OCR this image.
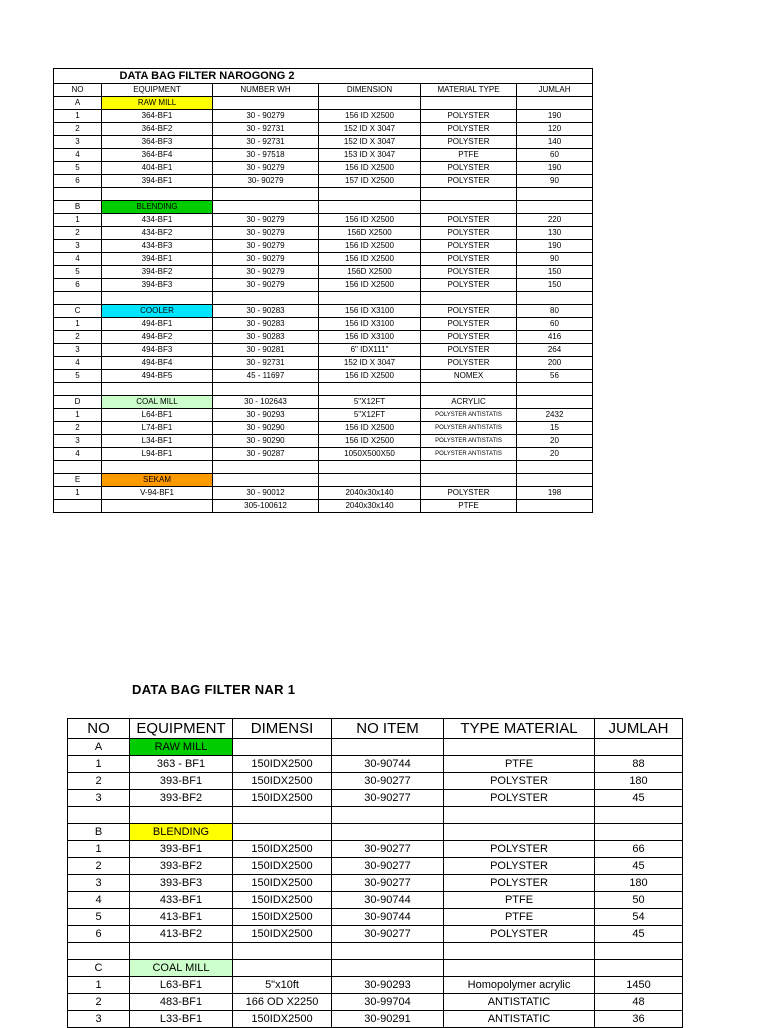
	DATA BAG FILTER NAROGONG 2				
NO	EQUIPMENT	NUMBER WH	DIMENSION	MATERIAL TYPE	JUMLAH
A	RAW MILL				
1	364-BF1	30 - 90279	156 ID X2500	POLYSTER	190
2	364-BF2	30 - 92731	152 ID X 3047	POLYSTER	120
3	364-BF3	30 - 92731	152 ID X 3047	POLYSTER	140
4	364-BF4	30 - 97518	153 ID X 3047	PTFE	60
5	404-BF1	30 - 90279	156 ID X2500	POLYSTER	190
6	394-BF1	30- 90279	157 ID X2500	POLYSTER	90

B	BLENDING				
1	434-BF1	30 - 90279	156 ID X2500	POLYSTER	220
2	434-BF2	30 - 90279	156D X2500	POLYSTER	130
3	434-BF3	30 - 90279	156 ID X2500	POLYSTER	190
4	394-BF1	30 - 90279	156 ID X2500	POLYSTER	90
5	394-BF2	30 - 90279	156D X2500	POLYSTER	150
6	394-BF3	30 - 90279	156 ID X2500	POLYSTER	150

C	COOLER	30 - 90283	156 ID X3100	POLYSTER	80
1	494-BF1	30 - 90283	156 ID X3100	POLYSTER	60
2	494-BF2	30 - 90283	156 ID X3100	POLYSTER	416
3	494-BF3	30 - 90281	6" IDX111"	POLYSTER	264
4	494-BF4	30 - 92731	152 ID X 3047	POLYSTER	200
5	494-BF5	45 - 11697	156 ID X2500	NOMEX	56

D	COAL MILL	30 - 102643	5"X12FT	ACRYLIC	
1	L64-BF1	30 - 90293	5"X12FT	POLYSTER ANTISTATIS	2432
2	L74-BF1	30 - 90290	156 ID X2500	POLYSTER ANTISTATIS	15
3	L34-BF1	30 - 90290	156 ID X2500	POLYSTER ANTISTATIS	20
4	L94-BF1	30 - 90287	1050X500X50	POLYSTER ANTISTATIS	20

E	SEKAM				
1	V-94-BF1	30 - 90012	2040x30x140	POLYSTER	198
		305-100612	2040x30x140	PTFE	
DATA BAG FILTER NAR 1
NO	EQUIPMENT	DIMENSI	NO ITEM	TYPE MATERIAL	JUMLAH
A	RAW MILL				
1	363 - BF1	150IDX2500	30-90744	PTFE	88
2	393-BF1	150IDX2500	30-90277	POLYSTER	180
3	393-BF2	150IDX2500	30-90277	POLYSTER	45

B	BLENDING				
1	393-BF1	150IDX2500	30-90277	POLYSTER	66
2	393-BF2	150IDX2500	30-90277	POLYSTER	45
3	393-BF3	150IDX2500	30-90277	POLYSTER	180
4	433-BF1	150IDX2500	30-90744	PTFE	50
5	413-BF1	150IDX2500	30-90744	PTFE	54
6	413-BF2	150IDX2500	30-90277	POLYSTER	45

C	COAL MILL				
1	L63-BF1	5"x10ft	30-90293	Homopolymer acrylic	1450
2	483-BF1	166 OD X2250	30-99704	ANTISTATIC	48
3	L33-BF1	150IDX2500	30-90291	ANTISTATIC	36
